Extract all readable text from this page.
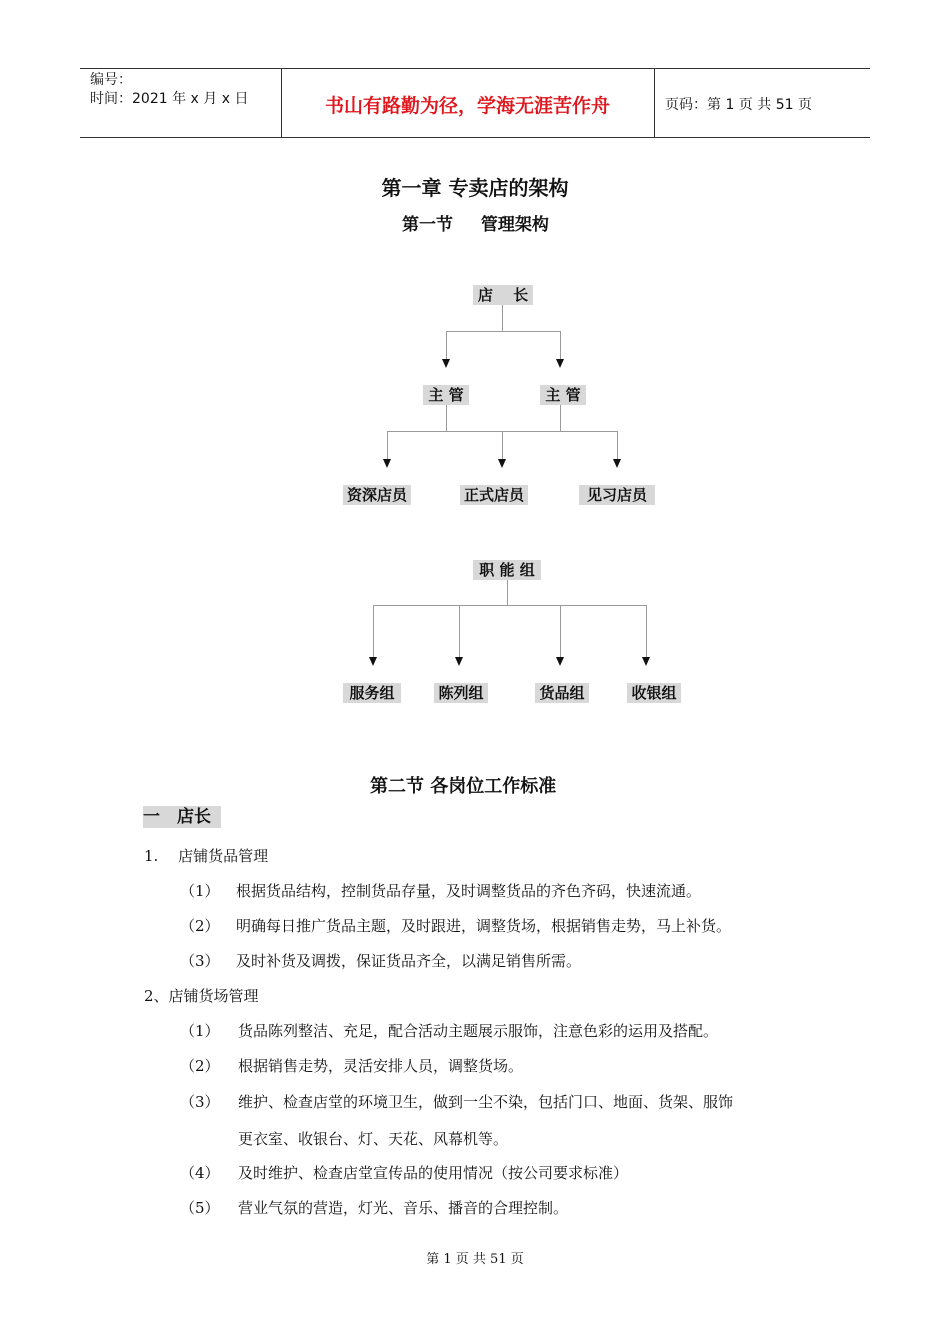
编号：
时间：2021 年 x 月 x 日	书山有路勤为径，学海无涯苦作舟	页码：第 1 页 共 51 页
第一章 专卖店的架构
第一节 管理架构
店　 长
主 管	主 管
资深店员	正式店员	见习店员
职 能 组
服务组	陈列组	货品组	收银组
第二节 各岗位工作标准
一　店长
1.　 店铺货品管理
（1） 根据货品结构，控制货品存量，及时调整货品的齐色齐码，快速流通。
（2） 明确每日推广货品主题，及时跟进，调整货场，根据销售走势，马上补货。
（3） 及时补货及调拨，保证货品齐全，以满足销售所需。
2、店铺货场管理
（1） 货品陈列整洁、充足，配合活动主题展示服饰，注意色彩的运用及搭配。
（2） 根据销售走势，灵活安排人员，调整货场。
（3） 维护、检查店堂的环境卫生，做到一尘不染，包括门口、地面、货架、服饰
更衣室、收银台、灯、天花、风幕机等。
（4） 及时维护、检查店堂宣传品的使用情况（按公司要求标准）
（5） 营业气氛的营造，灯光、音乐、播音的合理控制。
第 1 页 共 51 页
